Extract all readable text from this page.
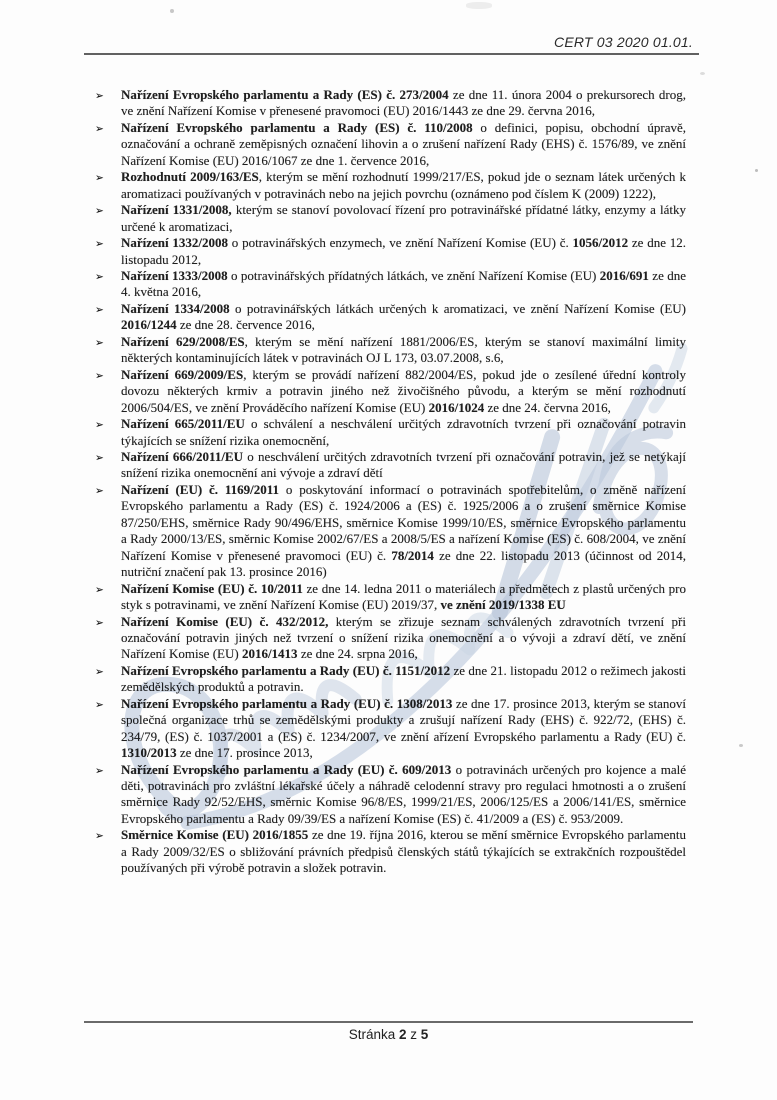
CERT 03 2020 01.01.
➢ Nařízení Evropského parlamentu a Rady (ES) č. 273/2004 ze dne 11. února 2004 o prekursorech drog, ve znění Nařízení Komise v přenesené pravomoci (EU) 2016/1443 ze dne 29. června 2016,
➢ Nařízení Evropského parlamentu a Rady (ES) č. 110/2008 o definici, popisu, obchodní úpravě, označování a ochraně zeměpisných označení lihovin a o zrušení nařízení Rady (EHS) č. 1576/89, ve znění Nařízení Komise (EU) 2016/1067 ze dne 1. července 2016,
➢ Rozhodnutí 2009/163/ES, kterým se mění rozhodnutí 1999/217/ES, pokud jde o seznam látek určených k aromatizaci používaných v potravinách nebo na jejich povrchu (oznámeno pod číslem K (2009) 1222),
➢ Nařízení 1331/2008, kterým se stanoví povolovací řízení pro potravinářské přídatné látky, enzymy a látky určené k aromatizaci,
➢ Nařízení 1332/2008 o potravinářských enzymech, ve znění Nařízení Komise (EU) č. 1056/2012 ze dne 12. listopadu 2012,
➢ Nařízení 1333/2008 o potravinářských přídatných látkách, ve znění Nařízení Komise (EU) 2016/691 ze dne 4. května 2016,
➢ Nařízení 1334/2008 o potravinářských látkách určených k aromatizaci, ve znění Nařízení Komise (EU) 2016/1244 ze dne 28. července 2016,
➢ Nařízení 629/2008/ES, kterým se mění nařízení 1881/2006/ES, kterým se stanoví maximální limity některých kontaminujících látek v potravinách OJ L 173, 03.07.2008, s.6,
➢ Nařízení 669/2009/ES, kterým se provádí nařízení 882/2004/ES, pokud jde o zesílené úřední kontroly dovozu některých krmiv a potravin jiného než živočišného původu, a kterým se mění rozhodnutí 2006/504/ES, ve znění Prováděcího nařízení Komise (EU) 2016/1024 ze dne 24. června 2016,
➢ Nařízení 665/2011/EU o schválení a neschválení určitých zdravotních tvrzení při označování potravin týkajících se snížení rizika onemocnění,
➢ Nařízení 666/2011/EU o neschválení určitých zdravotních tvrzení při označování potravin, jež se netýkají snížení rizika onemocnění ani vývoje a zdraví dětí
➢ Nařízení (EU) č. 1169/2011 o poskytování informací o potravinách spotřebitelům, o změně nařízení Evropského parlamentu a Rady (ES) č. 1924/2006 a (ES) č. 1925/2006 a o zrušení směrnice Komise 87/250/EHS, směrnice Rady 90/496/EHS, směrnice Komise 1999/10/ES, směrnice Evropského parlamentu a Rady 2000/13/ES, směrnic Komise 2002/67/ES a 2008/5/ES a nařízení Komise (ES) č. 608/2004, ve znění Nařízení Komise v přenesené pravomoci (EU) č. 78/2014 ze dne 22. listopadu 2013 (účinnost od 2014, nutriční značení pak 13. prosince 2016)
➢ Nařízení Komise (EU) č. 10/2011 ze dne 14. ledna 2011 o materiálech a předmětech z plastů určených pro styk s potravinami, ve znění Nařízení Komise (EU) 2019/37, ve znění 2019/1338 EU
➢ Nařízení Komise (EU) č. 432/2012, kterým se zřizuje seznam schválených zdravotních tvrzení při označování potravin jiných než tvrzení o snížení rizika onemocnění a o vývoji a zdraví dětí, ve znění Nařízení Komise (EU) 2016/1413 ze dne 24. srpna 2016,
➢ Nařízení Evropského parlamentu a Rady (EU) č. 1151/2012 ze dne 21. listopadu 2012 o režimech jakosti zemědělských produktů a potravin.
➢ Nařízení Evropského parlamentu a Rady (EU) č. 1308/2013 ze dne 17. prosince 2013, kterým se stanoví společná organizace trhů se zemědělskými produkty a zrušují nařízení Rady (EHS) č. 922/72, (EHS) č. 234/79, (ES) č. 1037/2001 a (ES) č. 1234/2007, ve znění ařízení Evropského parlamentu a Rady (EU) č. 1310/2013 ze dne 17. prosince 2013,
➢ Nařízení Evropského parlamentu a Rady (EU) č. 609/2013 o potravinách určených pro kojence a malé děti, potravinách pro zvláštní lékařské účely a náhradě celodenní stravy pro regulaci hmotnosti a o zrušení směrnice Rady 92/52/EHS, směrnic Komise 96/8/ES, 1999/21/ES, 2006/125/ES a 2006/141/ES, směrnice Evropského parlamentu a Rady 09/39/ES a nařízení Komise (ES) č. 41/2009 a (ES) č. 953/2009.
➢ Směrnice Komise (EU) 2016/1855 ze dne 19. října 2016, kterou se mění směrnice Evropského parlamentu a Rady 2009/32/ES o sbližování právních předpisů členských států týkajících se extrakčních rozpouštědel používaných při výrobě potravin a složek potravin.
Stránka 2 z 5
